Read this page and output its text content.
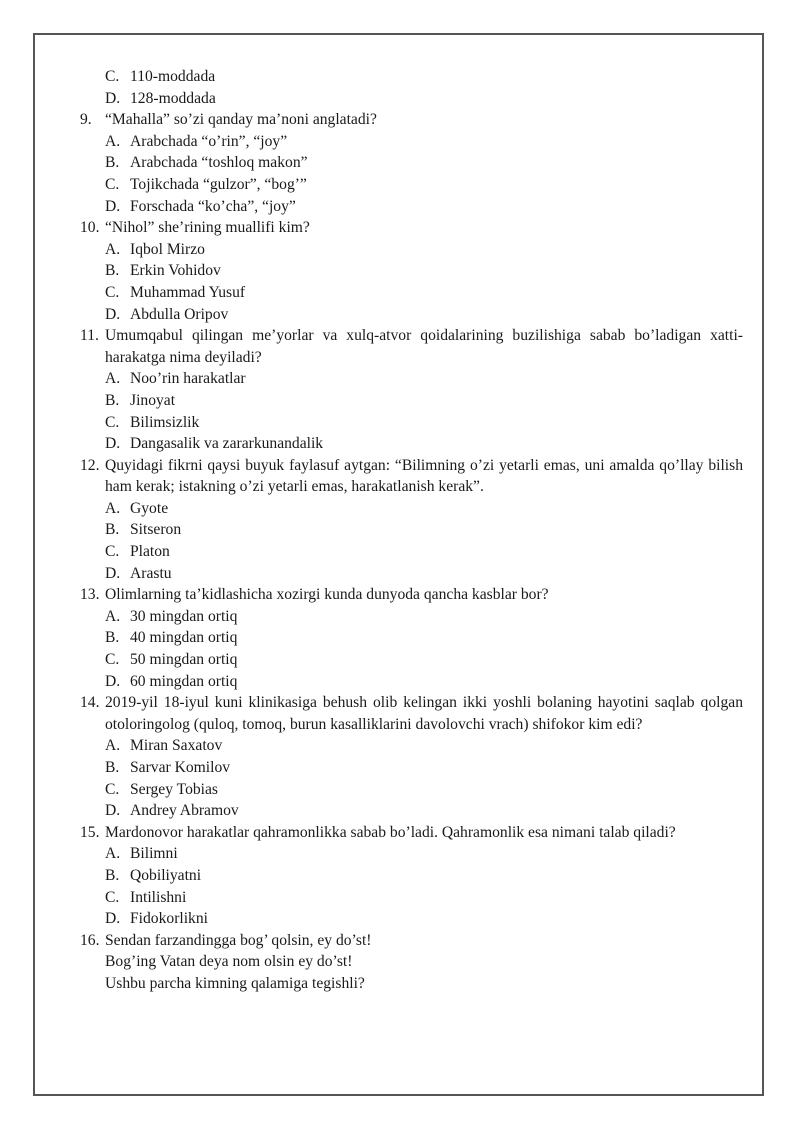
C. 110-moddada
D. 128-moddada
9. “Mahalla” so’zi qanday ma’noni anglatadi?
A. Arabchada “o’rin”, “joy”
B. Arabchada “toshloq makon”
C. Tojikchada “gulzor”, “bog’”
D. Forschada “ko’cha”, “joy”
10. “Nihol” she’rining muallifi kim?
A. Iqbol Mirzo
B. Erkin Vohidov
C. Muhammad Yusuf
D. Abdulla Oripov
11. Umumqabul qilingan me’yorlar va xulq-atvor qoidalarining buzilishiga sabab bo’ladigan xatti-harakatga nima deyiladi?
A. Noo’rin harakatlar
B. Jinoyat
C. Bilimsizlik
D. Dangasalik va zararkunandalik
12. Quyidagi fikrni qaysi buyuk faylasuf aytgan: “Bilimning o’zi yetarli emas, uni amalda qo’llay bilish ham kerak; istakning o’zi yetarli emas, harakatlanish kerak”.
A. Gyote
B. Sitseron
C. Platon
D. Arastu
13. Olimlarning ta’kidlashicha xozirgi kunda dunyoda qancha kasblar bor?
A. 30 mingdan ortiq
B. 40 mingdan ortiq
C. 50 mingdan ortiq
D. 60 mingdan ortiq
14. 2019-yil 18-iyul kuni klinikasiga behush olib kelingan ikki yoshli bolaning hayotini saqlab qolgan otoloringolog (quloq, tomoq, burun kasalliklarini davolovchi vrach) shifokor kim edi?
A. Miran Saxatov
B. Sarvar Komilov
C. Sergey Tobias
D. Andrey Abramov
15. Mardonovor harakatlar qahramonlikka sabab bo’ladi. Qahramonlik esa nimani talab qiladi?
A. Bilimni
B. Qobiliyatni
C. Intilishni
D. Fidokorlikni
16. Sendan farzandingga bog’ qolsin, ey do’st!
Bog’ing Vatan deya nom olsin ey do’st!
Ushbu parcha kimning qalamiga tegishli?
